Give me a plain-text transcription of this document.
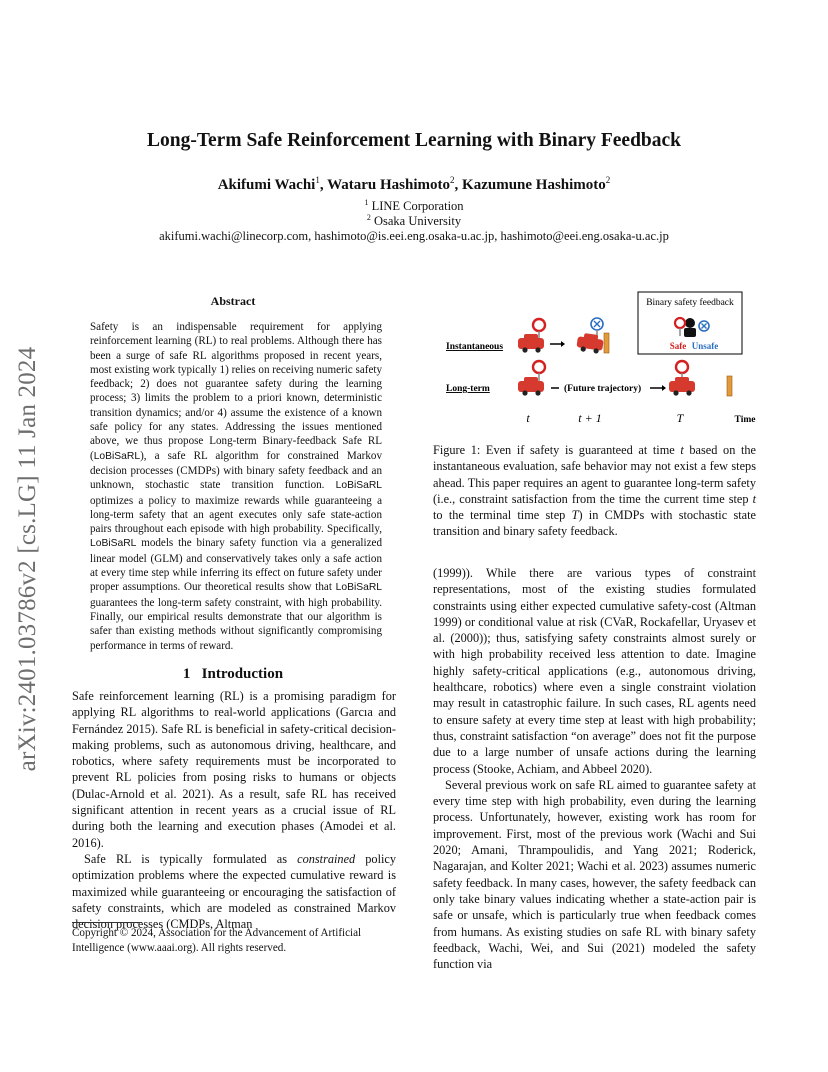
arXiv:2401.03786v2 [cs.LG] 11 Jan 2024
Long-Term Safe Reinforcement Learning with Binary Feedback
Akifumi Wachi$^1$, Wataru Hashimoto$^2$, Kazumune Hashimoto$^2$
$^1$ LINE Corporation
$^2$ Osaka University
akifumi.wachi@linecorp.com, hashimoto@is.eei.eng.osaka-u.ac.jp, hashimoto@eei.eng.osaka-u.ac.jp
Abstract
Safety is an indispensable requirement for applying reinforcement learning (RL) to real problems. Although there has been a surge of safe RL algorithms proposed in recent years, most existing work typically 1) relies on receiving numeric safety feedback; 2) does not guarantee safety during the learning process; 3) limits the problem to a priori known, deterministic transition dynamics; and/or 4) assume the existence of a known safe policy for any states. Addressing the issues mentioned above, we thus propose Long-term Binary-feedback Safe RL (LoBiSaRL), a safe RL algorithm for constrained Markov decision processes (CMDPs) with binary safety feedback and an unknown, stochastic state transition function. LoBiSaRL optimizes a policy to maximize rewards while guaranteeing a long-term safety that an agent executes only safe state-action pairs throughout each episode with high probability. Specifically, LoBiSaRL models the binary safety function via a generalized linear model (GLM) and conservatively takes only a safe action at every time step while inferring its effect on future safety under proper assumptions. Our theoretical results show that LoBiSaRL guarantees the long-term safety constraint, with high probability. Finally, our empirical results demonstrate that our algorithm is safer than existing methods without significantly compromising performance in terms of reward.
1 Introduction

Safe reinforcement learning (RL) is a promising paradigm for applying RL algorithms to real-world applications (Garcıa and Fernández 2015). Safe RL is beneficial in safety-critical decision-making problems, such as autonomous driving, healthcare, and robotics, where safety requirements must be incorporated to prevent RL policies from posing risks to humans or objects (Dulac-Arnold et al. 2021). As a result, safe RL has received significant attention in recent years as a crucial issue of RL during both the learning and execution phases (Amodei et al. 2016).

Safe RL is typically formulated as constrained policy optimization problems where the expected cumulative reward is maximized while guaranteeing or encouraging the satisfaction of safety constraints, which are modeled as constrained Markov decision processes (CMDPs, Altman

Copyright © 2024, Association for the Advancement of Artificial Intelligence (www.aaai.org). All rights reserved.
Binary safety feedback
Safe Unsafe
Instantaneous
Long-term	(Future trajectory)
t	t + 1	T	Time
Figure 1: Even if safety is guaranteed at time t based on the instantaneous evaluation, safe behavior may not exist a few steps ahead. This paper requires an agent to guarantee long-term safety (i.e., constraint satisfaction from the time the current time step t to the terminal time step T) in CMDPs with stochastic state transition and binary safety feedback.

(1999)). While there are various types of constraint representations, most of the existing studies formulated constraints using either expected cumulative safety-cost (Altman 1999) or conditional value at risk (CVaR, Rockafellar, Uryasev et al. (2000)); thus, satisfying safety constraints almost surely or with high probability received less attention to date. Imagine highly safety-critical applications (e.g., autonomous driving, healthcare, robotics) where even a single constraint violation may result in catastrophic failure. In such cases, RL agents need to ensure safety at every time step at least with high probability; thus, constraint satisfaction “on average” does not fit the purpose due to a large number of unsafe actions during the learning process (Stooke, Achiam, and Abbeel 2020).

Several previous work on safe RL aimed to guarantee safety at every time step with high probability, even during the learning process. Unfortunately, however, existing work has room for improvement. First, most of the previous work (Wachi and Sui 2020; Amani, Thrampoulidis, and Yang 2021; Roderick, Nagarajan, and Kolter 2021; Wachi et al. 2023) assumes numeric safety feedback. In many cases, however, the safety feedback can only take binary values indicating whether a state-action pair is safe or unsafe, which is particularly true when feedback comes from humans. As existing studies on safe RL with binary safety feedback, Wachi, Wei, and Sui (2021) modeled the safety function via
